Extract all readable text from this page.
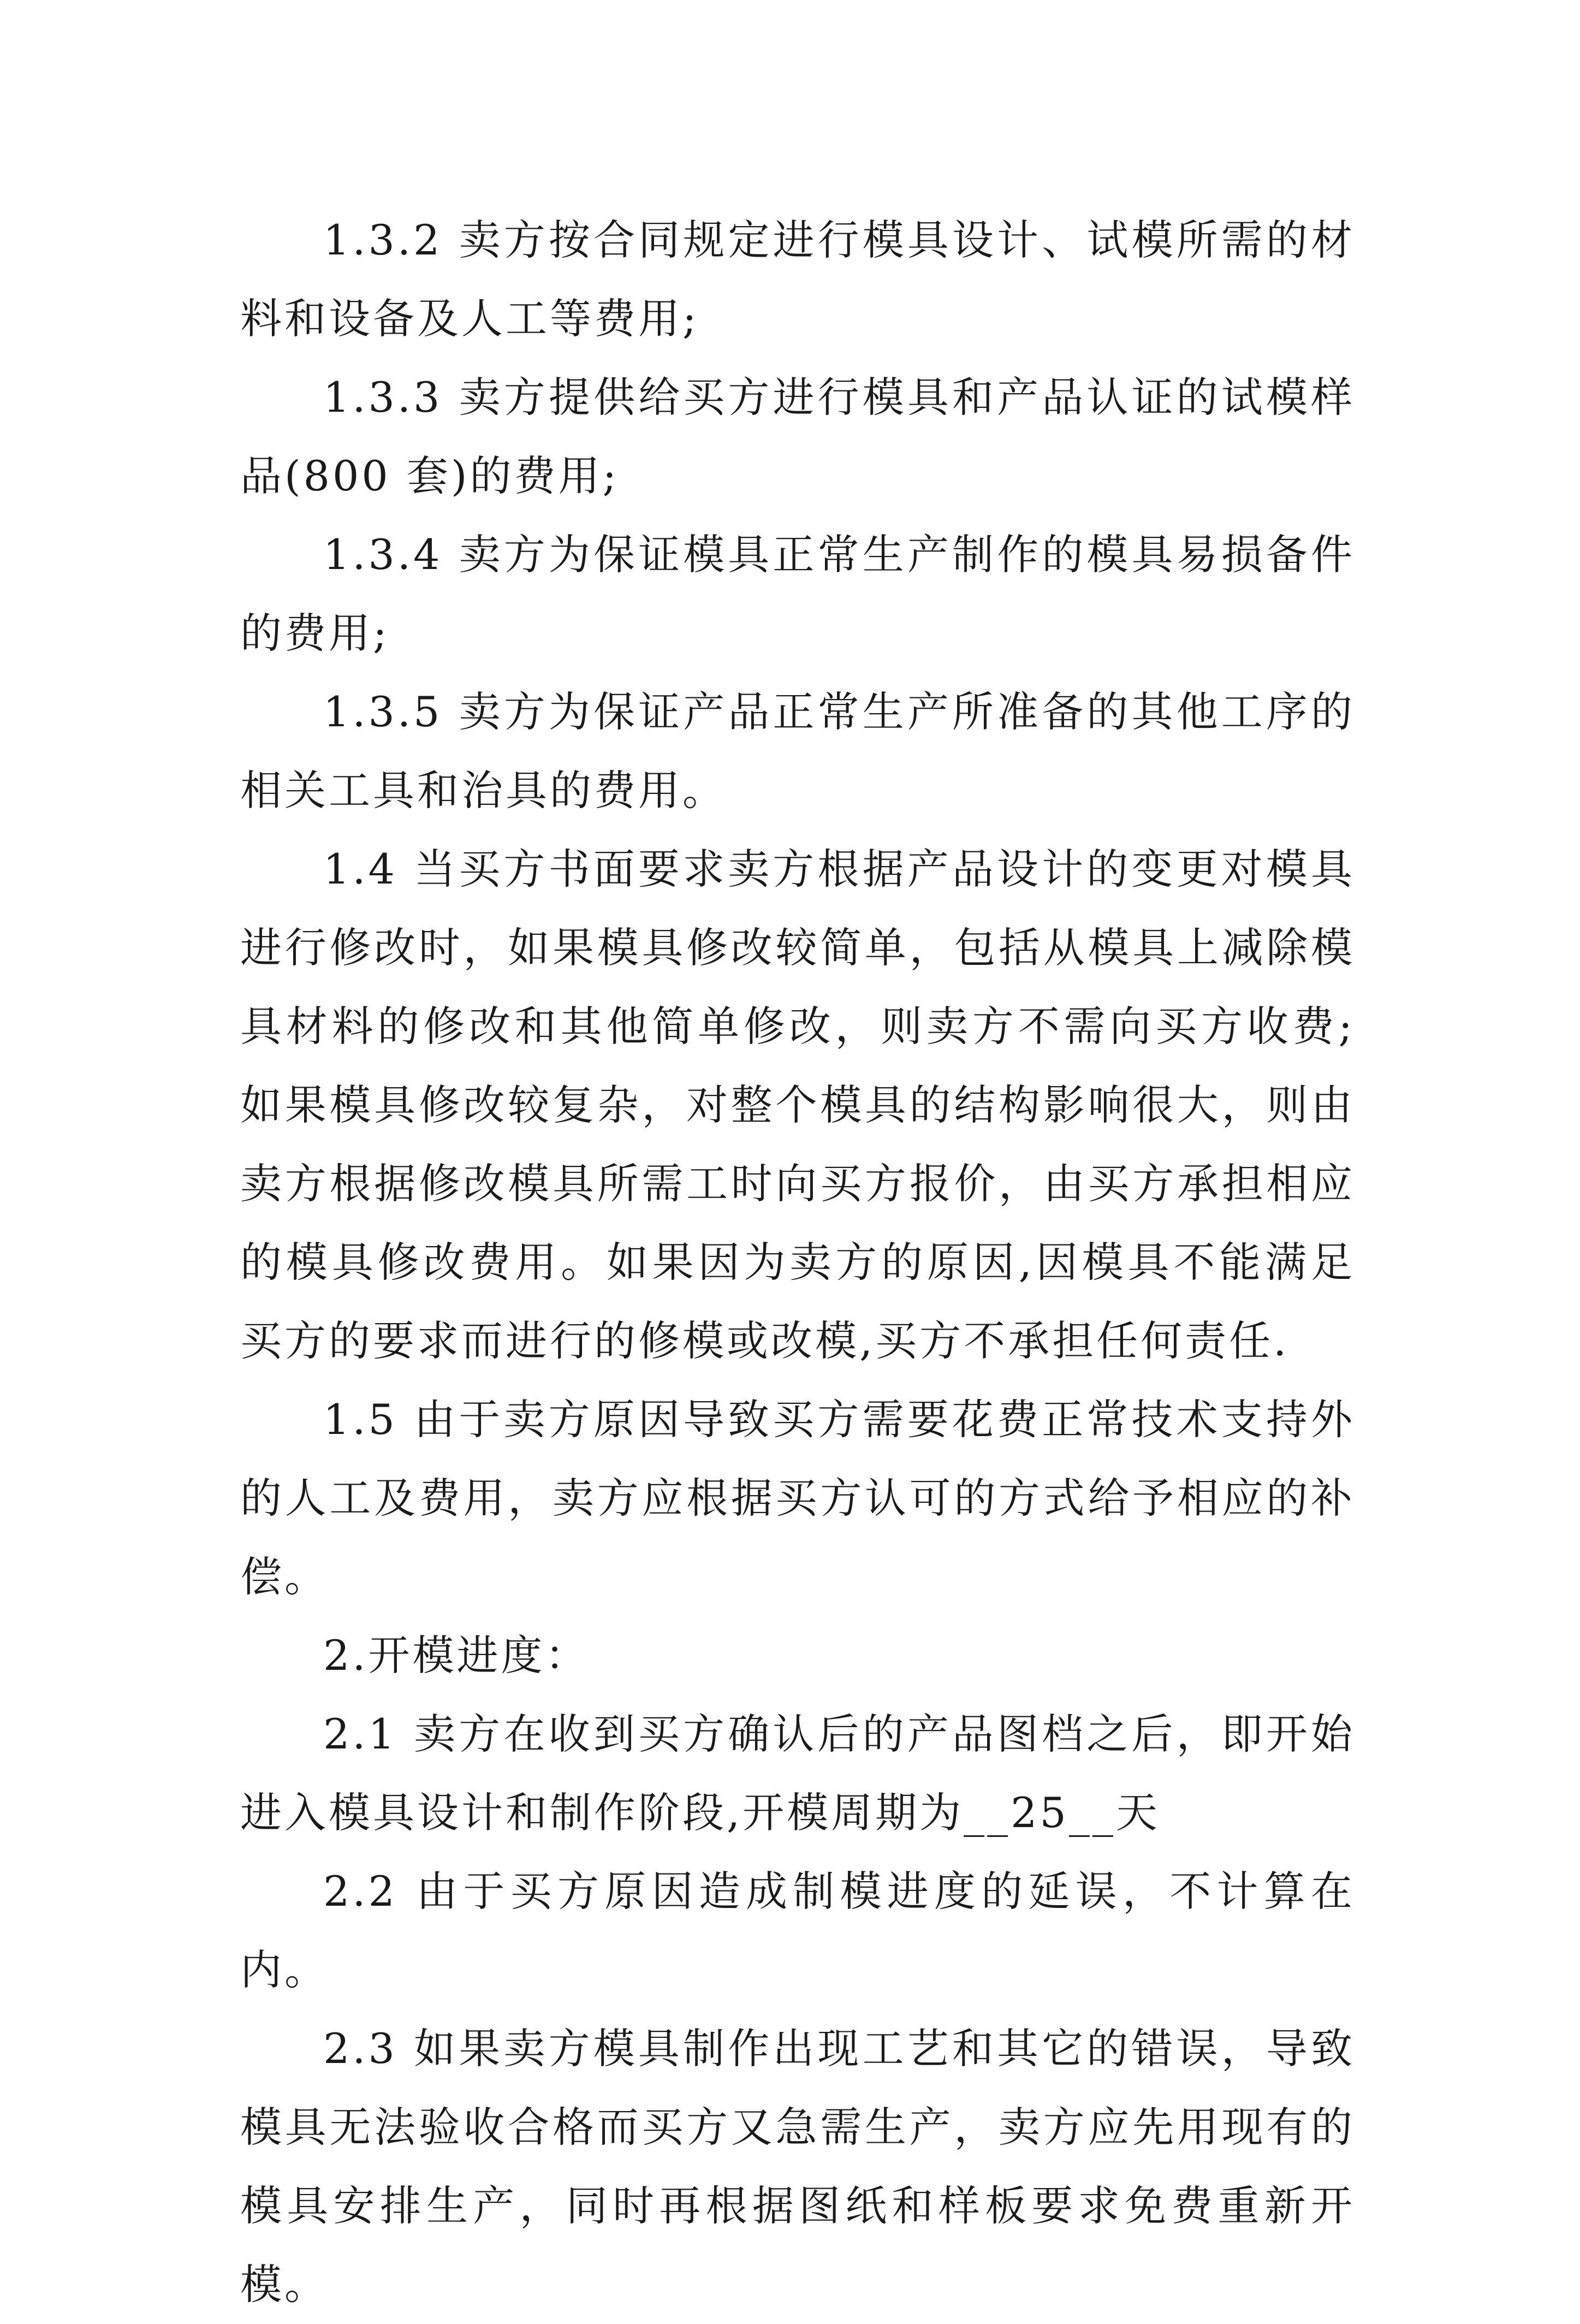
1.3.2 卖方按合同规定进行模具设计、试模所需的材料和设备及人工等费用;

1.3.3 卖方提供给买方进行模具和产品认证的试模样品(800 套)的费用;

1.3.4 卖方为保证模具正常生产制作的模具易损备件的费用;

1.3.5 卖方为保证产品正常生产所准备的其他工序的相关工具和治具的费用。

1.4 当买方书面要求卖方根据产品设计的变更对模具进行修改时，如果模具修改较简单，包括从模具上减除模具材料的修改和其他简单修改，则卖方不需向买方收费;如果模具修改较复杂，对整个模具的结构影响很大，则由卖方根据修改模具所需工时向买方报价，由买方承担相应的模具修改费用。如果因为卖方的原因,因模具不能满足买方的要求而进行的修模或改模,买方不承担任何责任.

1.5 由于卖方原因导致买方需要花费正常技术支持外的人工及费用，卖方应根据买方认可的方式给予相应的补偿。

2.开模进度：

2.1 卖方在收到买方确认后的产品图档之后，即开始进入模具设计和制作阶段,开模周期为__25__天

2.2 由于买方原因造成制模进度的延误，不计算在内。

2.3 如果卖方模具制作出现工艺和其它的错误，导致模具无法验收合格而买方又急需生产，卖方应先用现有的模具安排生产，同时再根据图纸和样板要求免费重新开模。
